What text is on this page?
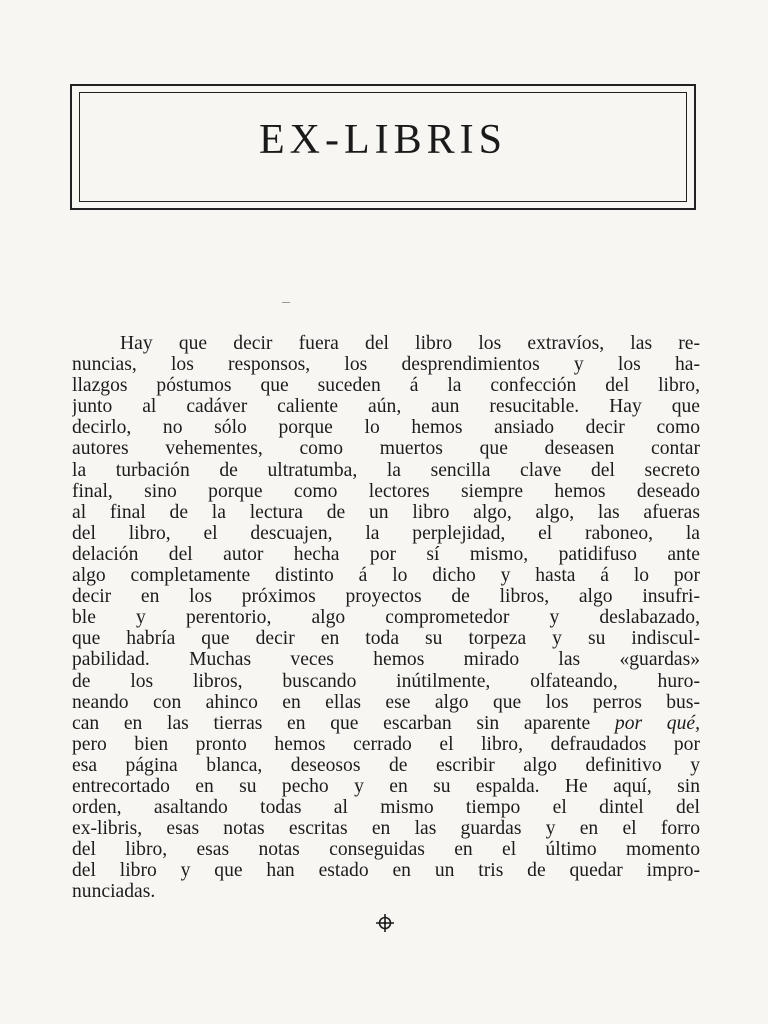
EX-LIBRIS
Hay que decir fuera del libro los extravíos, las re-
nuncias, los responsos, los desprendimientos y los ha-
llazgos póstumos que suceden á la confección del libro,
junto al cadáver caliente aún, aun resucitable. Hay que
decirlo, no sólo porque lo hemos ansiado decir como
autores vehementes, como muertos que deseasen contar
la turbación de ultratumba, la sencilla clave del secreto
final, sino porque como lectores siempre hemos deseado
al final de la lectura de un libro algo, algo, las afueras
del libro, el descuajen, la perplejidad, el raboneo, la
delación del autor hecha por sí mismo, patidifuso ante
algo completamente distinto á lo dicho y hasta á lo por
decir en los próximos proyectos de libros, algo insufri-
ble y perentorio, algo comprometedor y deslabazado,
que habría que decir en toda su torpeza y su indiscul-
pabilidad. Muchas veces hemos mirado las «guardas»
de los libros, buscando inútilmente, olfateando, huro-
neando con ahinco en ellas ese algo que los perros bus-
can en las tierras en que escarban sin aparente por qué,
pero bien pronto hemos cerrado el libro, defraudados por
esa página blanca, deseosos de escribir algo definitivo y
entrecortado en su pecho y en su espalda. He aquí, sin
orden, asaltando todas al mismo tiempo el dintel del
ex-libris, esas notas escritas en las guardas y en el forro
del libro, esas notas conseguidas en el último momento
del libro y que han estado en un tris de quedar impro-
nunciadas.
